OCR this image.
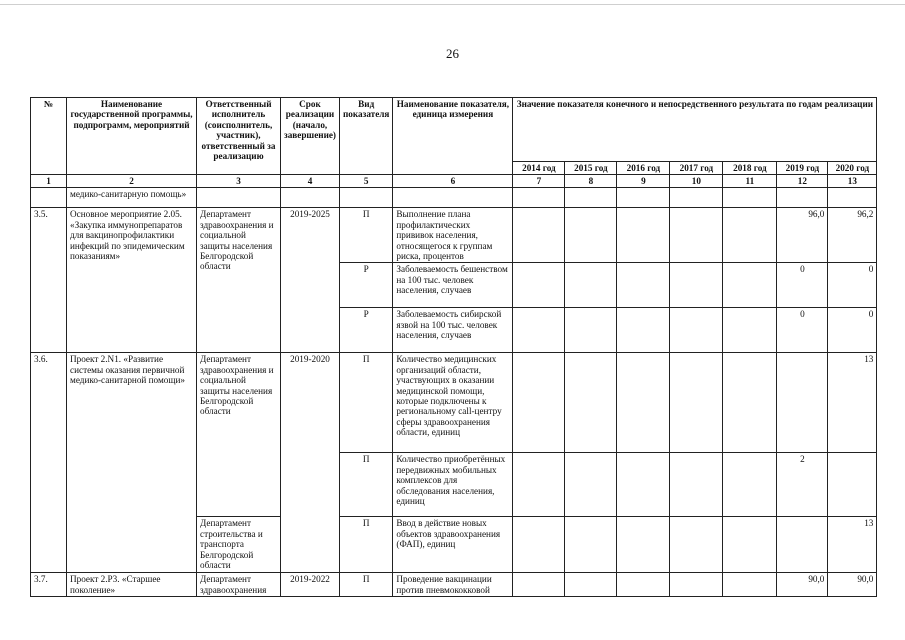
26
№	Наименование государственной программы, подпрограмм, мероприятий	Ответственный исполнитель (соисполнитель, участник), ответственный за реализацию	Срок реализации (начало, завершение)	Вид показателя	Наименование показателя, единица измерения	Значение показателя конечного и непосредственного результата по годам реализации						
						2014 год	2015 год	2016 год	2017 год	2018 год	2019 год	2020 год
1	2	3	4	5	6	7	8	9	10	11	12	13
	медико-санитарную помощь»											
3.5.	Основное мероприятие 2.05. «Закупка иммунопрепаратов для вакцинопрофилактики инфекций по эпидемическим показаниям»	Департамент здравоохранения и социальной защиты населения Белгородской области	2019-2025	П	Выполнение плана профилактических прививок населения, относящегося к группам риска, процентов						96,0	96,2
				Р	Заболеваемость бешенством на 100 тыс. человек населения, случаев						0	0
				Р	Заболеваемость сибирской язвой на 100 тыс. человек населения, случаев						0	0
3.6.	Проект 2.N1. «Развитие системы оказания первичной медико-санитарной помощи»	Департамент здравоохранения и социальной защиты населения Белгородской области	2019-2020	П	Количество медицинских организаций области, участвующих в оказании медицинской помощи, которые подключены к региональному call-центру сферы здравоохранения области, единиц							13
				П	Количество приобретённых передвижных мобильных комплексов для обследования населения, единиц						2	
		Департамент строительства и транспорта Белгородской области		П	Ввод в действие новых объектов здравоохранения (ФАП), единиц							13
3.7.	Проект 2.Р3. «Старшее поколение»	Департамент здравоохранения	2019-2022	П	Проведение вакцинации против пневмококковой						90,0	90,0
